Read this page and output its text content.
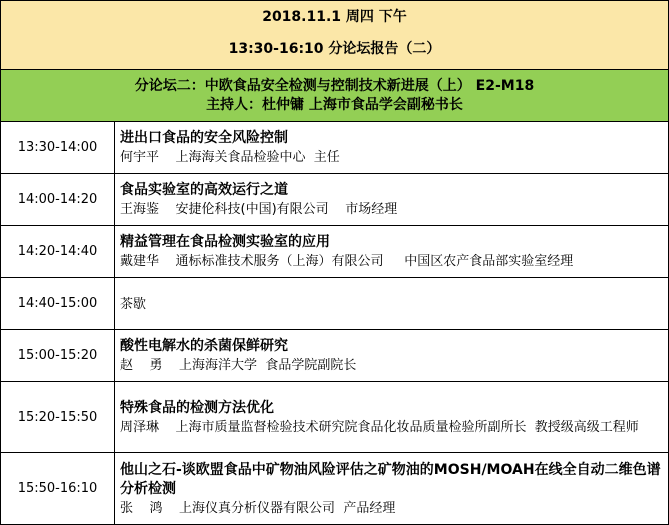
2018.11.1 周四 下午
13:30-16:10 分论坛报告（二）
分论坛二：中欧食品安全检测与控制技术新进展（上） E2-M18
主持人：杜仲镛 上海市食品学会副秘书长
13:30-14:00
进出口食品的安全风险控制
何宇平    上海海关食品检验中心  主任
14:00-14:20
食品实验室的高效运行之道
王海鉴    安捷伦科技(中国)有限公司    市场经理
14:20-14:40
精益管理在食品检测实验室的应用
戴建华    通标标准技术服务（上海）有限公司     中国区农产食品部实验室经理
14:40-15:00	茶歇
15:00-15:20
酸性电解水的杀菌保鲜研究
赵    勇    上海海洋大学  食品学院副院长
15:20-15:50
特殊食品的检测方法优化
周泽琳    上海市质量监督检验技术研究院食品化妆品质量检验所副所长  教授级高级工程师
15:50-16:10
他山之石-谈欧盟食品中矿物油风险评估之矿物油的MOSH/MOAH在线全自动二维色谱分析检测
张    鸿    上海仪真分析仪器有限公司  产品经理
